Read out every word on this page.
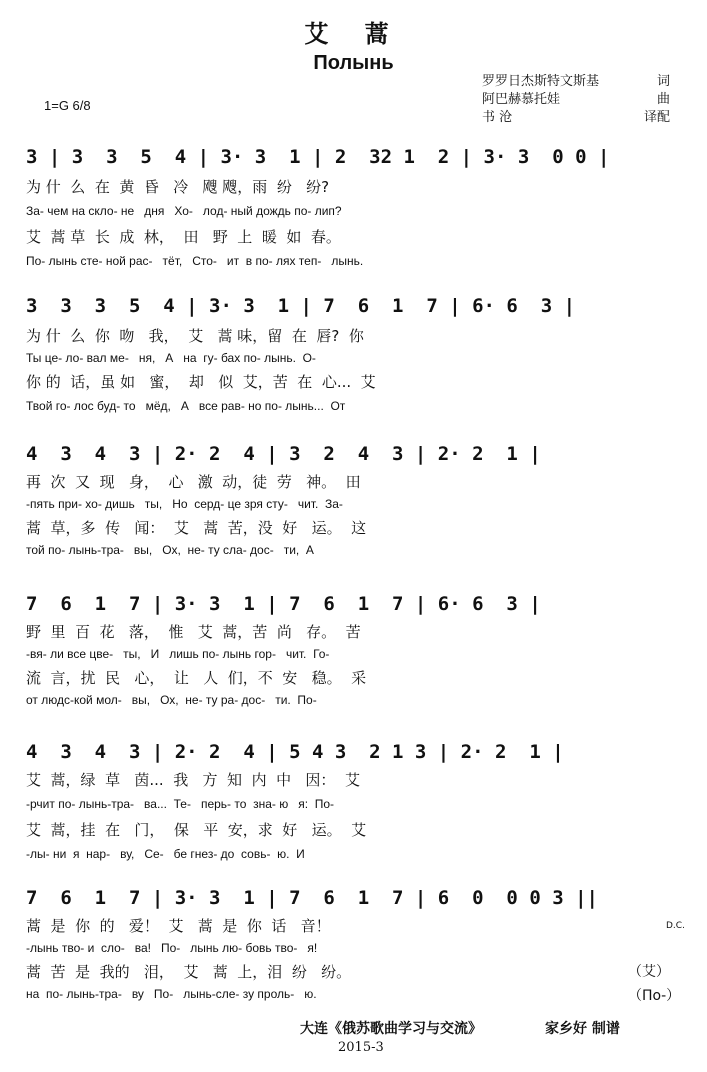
艾 蒿
Полынь
罗罗日杰斯特文斯基	词
阿巴赫慕托娃	曲
书 沧	译配
1=G 6/8
3 | 3  3  5  4 | 3· 3  1 | 2  32 1  2 | 3· 3  0 0 |
为 什  么  在  黄  昏   冷   飕 飕，雨  纷   纷?
За- чем на скло- не   дня   Хо-   лод- ный дождь по- лип?
艾  蒿 草  长  成  林，  田   野  上  暖  如  春。
По- лынь сте- ной рас-   тёт,   Сто-   ит  в по- лях теп-   лынь.
3  3  3  5  4 | 3· 3  1 | 7  6  1  7 | 6· 6  3 |
为 什  么  你  吻   我，  艾   蒿 味，留  在  唇?  你
Ты це- ло- вал ме-   ня,   А   на  гу- бах по- лынь.  О-
你 的  话，虽 如   蜜，  却   似  艾，苦  在  心...  艾
Твой го- лос буд- то   мёд,   А   все рав- но по- лынь...  От
4  3  4  3 | 2· 2  4 | 3  2  4  3 | 2· 2  1 |
再  次  又  现   身，  心   激  动，徒  劳   神。  田
-пять при- хо- дишь   ты,   Но  серд- це зря сту-   чит.  За-
蒿  草，多  传   闻：  艾   蒿  苦，没  好   运。  这
той по- лынь-тра-   вы,   Ох,  не- ту сла- дос-   ти,  А
7  6  1  7 | 3· 3  1 | 7  6  1  7 | 6· 6  3 |
野  里  百  花   落，  惟   艾  蒿，苦  尚   存。  苦
-вя- ли все цве-   ты,   И   лишь по- лынь гор-   чит.  Го-
流  言，扰  民   心，  让   人  们，不  安   稳。  采
от людс-кой мол-   вы,   Ох,  не- ту ра- дос-   ти.  По-
4  3  4  3 | 2· 2  4 | 5 4 3  2 1 3 | 2· 2  1 |
艾  蒿，绿  草   茵...  我   方  知  内  中   因：  艾
-рчит по- лынь-тра-   ва...  Те-   перь- то  зна- ю   я:  По-
艾  蒿，挂  在   门，  保   平  安，求  好   运。  艾
-лы- ни  я  нар-   ву,   Се-   бе гнез- до  совь-  ю.  И
7  6  1  7 | 3· 3  1 | 7  6  1  7 | 6  0  0 0 3 ||
蒿  是  你  的   爱！  艾   蒿  是  你  话   音！
-лынь тво- и  сло-   ва!   По-   лынь лю- бовь тво-   я!
蒿  苦  是  我的   泪，  艾   蒿  上，泪  纷   纷。
на  по- лынь-тра-   ву   По-   лынь-сле- зу проль-   ю.
D.C.
（艾）
（По-）
大连《俄苏歌曲学习与交流》	家乡好 制谱
2015-3
